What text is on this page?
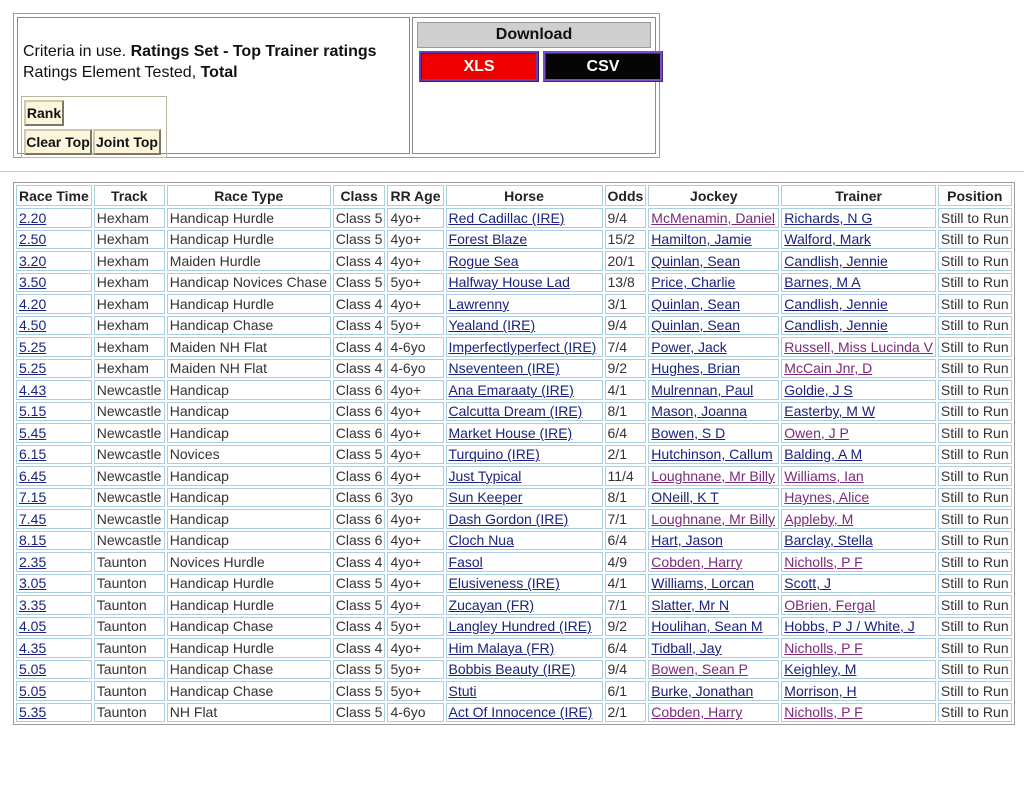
Criteria in use. Ratings Set - Top Trainer ratings
Ratings Element Tested, Total
Rank
Clear Top Joint Top
Download
XLS	CSV
Race Time	Track	Race Type	Class	RR Age	Horse	Odds	Jockey	Trainer	Position
2.20	Hexham	Handicap Hurdle	Class 5	4yo+	Red Cadillac (IRE)	9/4	McMenamin, Daniel	Richards, N G	Still to Run
2.50	Hexham	Handicap Hurdle	Class 5	4yo+	Forest Blaze	15/2	Hamilton, Jamie	Walford, Mark	Still to Run
3.20	Hexham	Maiden Hurdle	Class 4	4yo+	Rogue Sea	20/1	Quinlan, Sean	Candlish, Jennie	Still to Run
3.50	Hexham	Handicap Novices Chase	Class 5	5yo+	Halfway House Lad	13/8	Price, Charlie	Barnes, M A	Still to Run
4.20	Hexham	Handicap Hurdle	Class 4	4yo+	Lawrenny	3/1	Quinlan, Sean	Candlish, Jennie	Still to Run
4.50	Hexham	Handicap Chase	Class 4	5yo+	Yealand (IRE)	9/4	Quinlan, Sean	Candlish, Jennie	Still to Run
5.25	Hexham	Maiden NH Flat	Class 4	4-6yo	Imperfectlyperfect (IRE)	7/4	Power, Jack	Russell, Miss Lucinda V	Still to Run
5.25	Hexham	Maiden NH Flat	Class 4	4-6yo	Nseventeen (IRE)	9/2	Hughes, Brian	McCain Jnr, D	Still to Run
4.43	Newcastle	Handicap	Class 6	4yo+	Ana Emaraaty (IRE)	4/1	Mulrennan, Paul	Goldie, J S	Still to Run
5.15	Newcastle	Handicap	Class 6	4yo+	Calcutta Dream (IRE)	8/1	Mason, Joanna	Easterby, M W	Still to Run
5.45	Newcastle	Handicap	Class 6	4yo+	Market House (IRE)	6/4	Bowen, S D	Owen, J P	Still to Run
6.15	Newcastle	Novices	Class 5	4yo+	Turquino (IRE)	2/1	Hutchinson, Callum	Balding, A M	Still to Run
6.45	Newcastle	Handicap	Class 6	4yo+	Just Typical	11/4	Loughnane, Mr Billy	Williams, Ian	Still to Run
7.15	Newcastle	Handicap	Class 6	3yo	Sun Keeper	8/1	ONeill, K T	Haynes, Alice	Still to Run
7.45	Newcastle	Handicap	Class 6	4yo+	Dash Gordon (IRE)	7/1	Loughnane, Mr Billy	Appleby, M	Still to Run
8.15	Newcastle	Handicap	Class 6	4yo+	Cloch Nua	6/4	Hart, Jason	Barclay, Stella	Still to Run
2.35	Taunton	Novices Hurdle	Class 4	4yo+	Fasol	4/9	Cobden, Harry	Nicholls, P F	Still to Run
3.05	Taunton	Handicap Hurdle	Class 5	4yo+	Elusiveness (IRE)	4/1	Williams, Lorcan	Scott, J	Still to Run
3.35	Taunton	Handicap Hurdle	Class 5	4yo+	Zucayan (FR)	7/1	Slatter, Mr N	OBrien, Fergal	Still to Run
4.05	Taunton	Handicap Chase	Class 4	5yo+	Langley Hundred (IRE)	9/2	Houlihan, Sean M	Hobbs, P J / White, J	Still to Run
4.35	Taunton	Handicap Hurdle	Class 4	4yo+	Him Malaya (FR)	6/4	Tidball, Jay	Nicholls, P F	Still to Run
5.05	Taunton	Handicap Chase	Class 5	5yo+	Bobbis Beauty (IRE)	9/4	Bowen, Sean P	Keighley, M	Still to Run
5.05	Taunton	Handicap Chase	Class 5	5yo+	Stuti	6/1	Burke, Jonathan	Morrison, H	Still to Run
5.35	Taunton	NH Flat	Class 5	4-6yo	Act Of Innocence (IRE)	2/1	Cobden, Harry	Nicholls, P F	Still to Run
